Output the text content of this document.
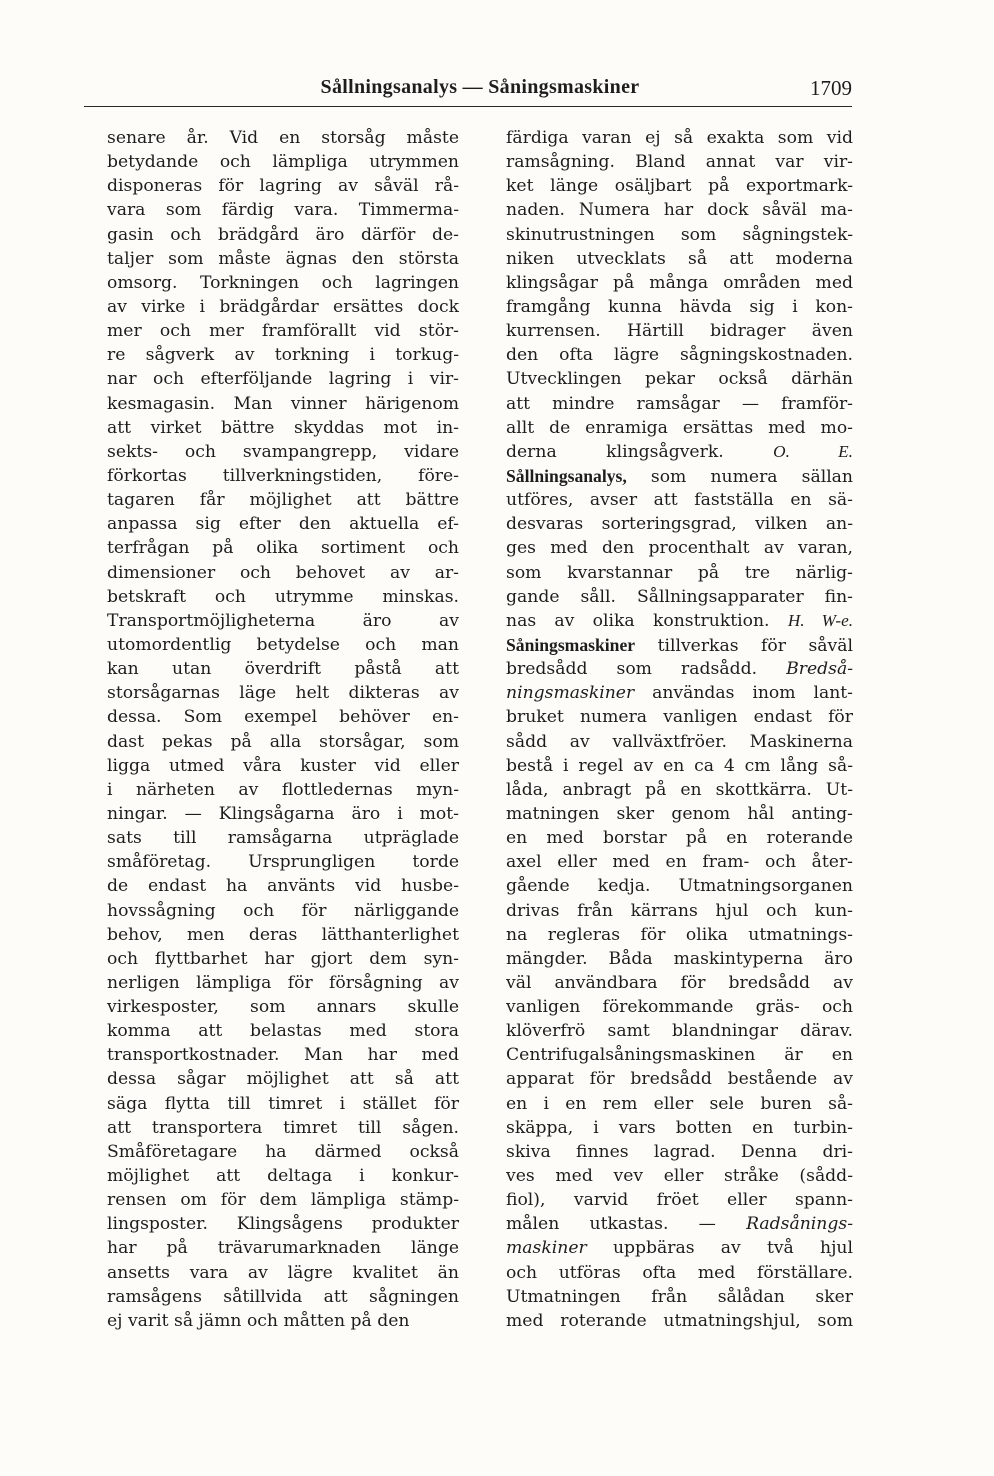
Sållningsanalys — Såningsmaskiner	1709
senare år. Vid en storsåg måste
betydande och lämpliga utrymmen
disponeras för lagring av såväl rå-
vara som färdig vara. Timmerma-
gasin och brädgård äro därför de-
taljer som måste ägnas den största
omsorg. Torkningen och lagringen
av virke i brädgårdar ersättes dock
mer och mer framförallt vid stör-
re sågverk av torkning i torkug-
nar och efterföljande lagring i vir-
kesmagasin. Man vinner härigenom
att virket bättre skyddas mot in-
sekts- och svampangrepp, vidare
förkortas tillverkningstiden, före-
tagaren får möjlighet att bättre
anpassa sig efter den aktuella ef-
terfrågan på olika sortiment och
dimensioner och behovet av ar-
betskraft och utrymme minskas.
Transportmöjligheterna äro av
utomordentlig betydelse och man
kan utan överdrift påstå att
storsågarnas läge helt dikteras av
dessa. Som exempel behöver en-
dast pekas på alla storsågar, som
ligga utmed våra kuster vid eller
i närheten av flottledernas myn-
ningar. — Klingsågarna äro i mot-
sats till ramsågarna utpräglade
småföretag. Ursprungligen torde
de endast ha använts vid husbe-
hovssågning och för närliggande
behov, men deras lätthanterlighet
och flyttbarhet har gjort dem syn-
nerligen lämpliga för försågning av
virkesposter, som annars skulle
komma att belastas med stora
transportkostnader. Man har med
dessa sågar möjlighet att så att
säga flytta till timret i stället för
att transportera timret till sågen.
Småföretagare ha därmed också
möjlighet att deltaga i konkur-
rensen om för dem lämpliga stämp-
lingsposter. Klingsågens produkter
har på trävarumarknaden länge
ansetts vara av lägre kvalitet än
ramsågens såtillvida att sågningen
ej varit så jämn och måtten på den
färdiga varan ej så exakta som vid
ramsågning. Bland annat var vir-
ket länge osäljbart på exportmark-
naden. Numera har dock såväl ma-
skinutrustningen som sågningstek-
niken utvecklats så att moderna
klingsågar på många områden med
framgång kunna hävda sig i kon-
kurrensen. Härtill bidrager även
den ofta lägre sågningskostnaden.
Utvecklingen pekar också därhän
att mindre ramsågar — framför-
allt de enramiga ersättas med mo-
derna klingsågverk.	O. E.
Sållningsanalys, som numera sällan
utföres, avser att fastställa en sä-
desvaras sorteringsgrad, vilken an-
ges med den procenthalt av varan,
som kvarstannar på tre närlig-
gande såll. Sållningsapparater fin-
nas av olika konstruktion. H. W-e.
Såningsmaskiner tillverkas för såväl
bredsådd som radsådd. Bredså-
ningsmaskiner användas inom lant-
bruket numera vanligen endast för
sådd av vallväxtfröer. Maskinerna
bestå i regel av en ca 4 cm lång så-
låda, anbragt på en skottkärra. Ut-
matningen sker genom hål anting-
en med borstar på en roterande
axel eller med en fram- och åter-
gående kedja. Utmatningsorganen
drivas från kärrans hjul och kun-
na regleras för olika utmatnings-
mängder. Båda maskintyperna äro
väl användbara för bredsådd av
vanligen förekommande gräs- och
klöverfrö samt blandningar därav.
Centrifugalsåningsmaskinen är en
apparat för bredsådd bestående av
en i en rem eller sele buren så-
skäppa, i vars botten en turbin-
skiva finnes lagrad. Denna dri-
ves med vev eller stråke (sådd-
fiol), varvid fröet eller spann-
målen utkastas. — Radsånings-
maskiner uppbäras av två hjul
och utföras ofta med förställare.
Utmatningen från sålådan sker
med roterande utmatningshjul, som
